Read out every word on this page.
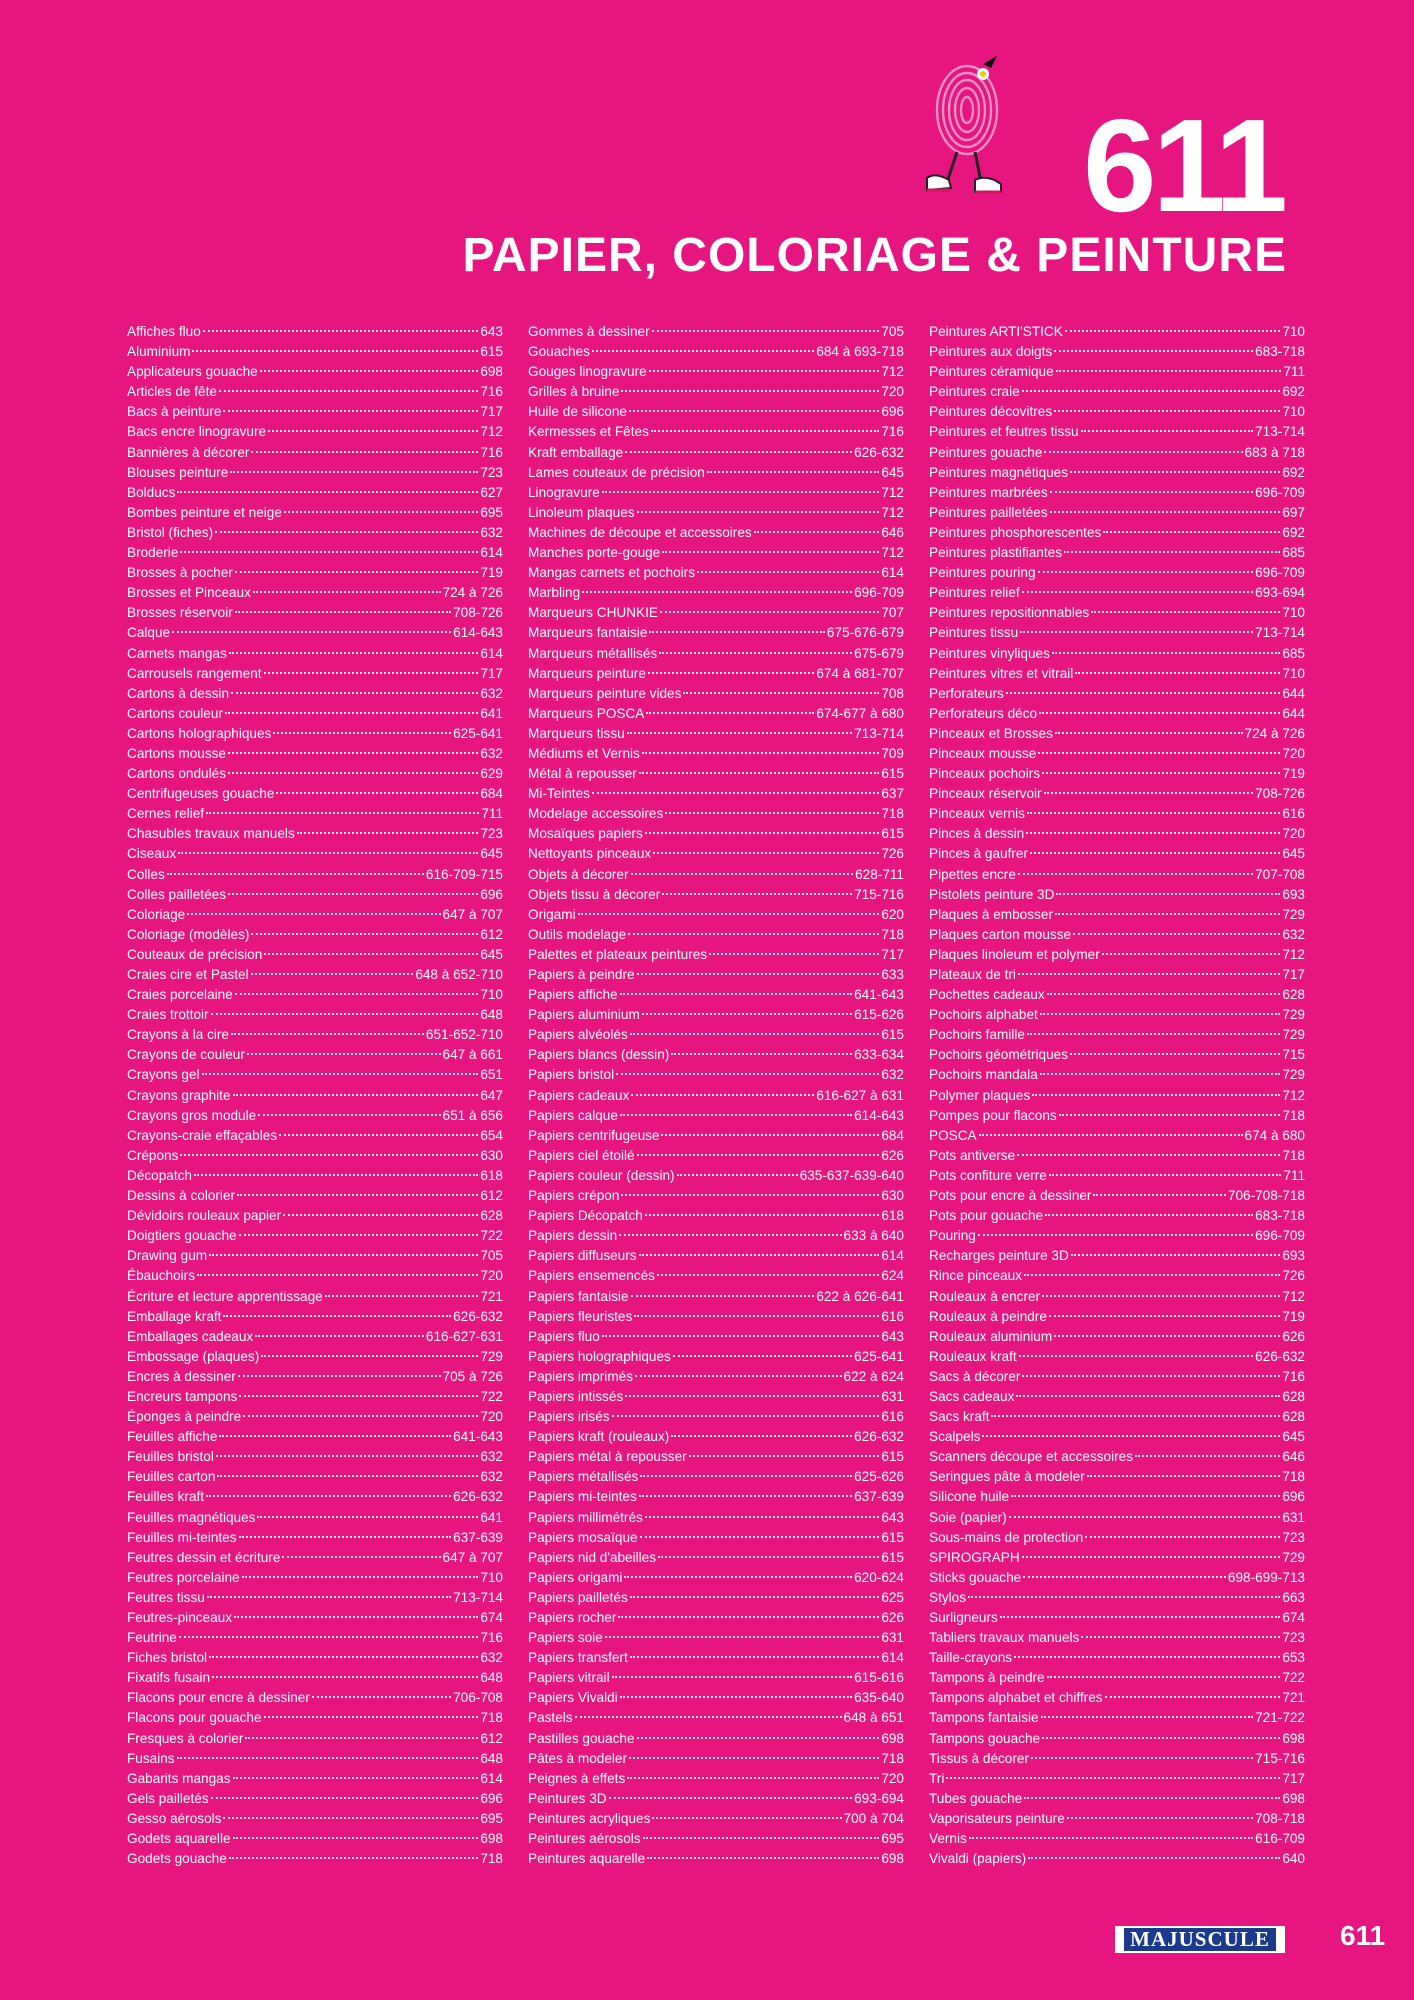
611
PAPIER, COLORIAGE & PEINTURE
Affiches fluo	643
Aluminium	615
Applicateurs gouache	698
Articles de fête	716
Bacs à peinture	717
Bacs encre linogravure	712
Bannières à décorer	716
Blouses peinture	723
Bolducs	627
Bombes peinture et neige	695
Bristol (fiches)	632
Broderie	614
Brosses à pocher	719
Brosses et Pinceaux	724 à 726
Brosses réservoir	708-726
Calque	614-643
Carnets mangas	614
Carrousels rangement	717
Cartons à dessin	632
Cartons couleur	641
Cartons holographiques	625-641
Cartons mousse	632
Cartons ondulés	629
Centrifugeuses gouache	684
Cernes relief	711
Chasubles travaux manuels	723
Ciseaux	645
Colles	616-709-715
Colles pailletées	696
Coloriage	647 à 707
Coloriage (modèles)	612
Couteaux de précision	645
Craies cire et Pastel	648 à 652-710
Craies porcelaine	710
Craies trottoir	648
Crayons à la cire	651-652-710
Crayons de couleur	647 à 661
Crayons gel	651
Crayons graphite	647
Crayons gros module	651 à 656
Crayons-craie effaçables	654
Crépons	630
Décopatch	618
Dessins à colorier	612
Dévidoirs rouleaux papier	628
Doigtiers gouache	722
Drawing gum	705
Ébauchoirs	720
Écriture et lecture apprentissage	721
Emballage kraft	626-632
Emballages cadeaux	616-627-631
Embossage (plaques)	729
Encres à dessiner	705 à 726
Encreurs tampons	722
Éponges à peindre	720
Feuilles affiche	641-643
Feuilles bristol	632
Feuilles carton	632
Feuilles kraft	626-632
Feuilles magnétiques	641
Feuilles mi-teintes	637-639
Feutres dessin et écriture	647 à 707
Feutres porcelaine	710
Feutres tissu	713-714
Feutres-pinceaux	674
Feutrine	716
Fiches bristol	632
Fixatifs fusain	648
Flacons pour encre à dessiner	706-708
Flacons pour gouache	718
Fresques à colorier	612
Fusains	648
Gabarits mangas	614
Gels pailletés	696
Gesso aérosols	695
Godets aquarelle	698
Godets gouache	718
Gommes à dessiner	705
Gouaches	684 à 693-718
Gouges linogravure	712
Grilles à bruine	720
Huile de silicone	696
Kermesses et Fêtes	716
Kraft emballage	626-632
Lames couteaux de précision	645
Linogravure	712
Linoleum plaques	712
Machines de découpe et accessoires	646
Manches porte-gouge	712
Mangas carnets et pochoirs	614
Marbling	696-709
Marqueurs CHUNKIE	707
Marqueurs fantaisie	675-676-679
Marqueurs métallisés	675-679
Marqueurs peinture	674 à 681-707
Marqueurs peinture vides	708
Marqueurs POSCA	674-677 à 680
Marqueurs tissu	713-714
Médiums et Vernis	709
Métal à repousser	615
Mi-Teintes	637
Modelage accessoires	718
Mosaïques papiers	615
Nettoyants pinceaux	726
Objets à décorer	628-711
Objets tissu à décorer	715-716
Origami	620
Outils modelage	718
Palettes et plateaux peintures	717
Papiers à peindre	633
Papiers affiche	641-643
Papiers aluminium	615-626
Papiers alvéolés	615
Papiers blancs (dessin)	633-634
Papiers bristol	632
Papiers cadeaux	616-627 à 631
Papiers calque	614-643
Papiers centrifugeuse	684
Papiers ciel étoilé	626
Papiers couleur (dessin)	635-637-639-640
Papiers crépon	630
Papiers Décopatch	618
Papiers dessin	633 à 640
Papiers diffuseurs	614
Papiers ensemencés	624
Papiers fantaisie	622 à 626-641
Papiers fleuristes	616
Papiers fluo	643
Papiers holographiques	625-641
Papiers imprimés	622 à 624
Papiers intissés	631
Papiers irisés	616
Papiers kraft (rouleaux)	626-632
Papiers métal à repousser	615
Papiers métallisés	625-626
Papiers mi-teintes	637-639
Papiers millimétrés	643
Papiers mosaïque	615
Papiers nid d'abeilles	615
Papiers origami	620-624
Papiers pailletés	625
Papiers rocher	626
Papiers soie	631
Papiers transfert	614
Papiers vitrail	615-616
Papiers Vivaldi	635-640
Pastels	648 à 651
Pastilles gouache	698
Pâtes à modeler	718
Peignes à effets	720
Peintures 3D	693-694
Peintures acryliques	700 à 704
Peintures aérosols	695
Peintures aquarelle	698
Peintures ARTI'STICK	710
Peintures aux doigts	683-718
Peintures céramique	711
Peintures craie	692
Peintures décovitres	710
Peintures et feutres tissu	713-714
Peintures gouache	683 à 718
Peintures magnétiques	692
Peintures marbrées	696-709
Peintures pailletées	697
Peintures phosphorescentes	692
Peintures plastifiantes	685
Peintures pouring	696-709
Peintures relief	693-694
Peintures repositionnables	710
Peintures tissu	713-714
Peintures vinyliques	685
Peintures vitres et vitrail	710
Perforateurs	644
Perforateurs déco	644
Pinceaux et Brosses	724 à 726
Pinceaux mousse	720
Pinceaux pochoirs	719
Pinceaux réservoir	708-726
Pinceaux vernis	616
Pinces à dessin	720
Pinces à gaufrer	645
Pipettes encre	707-708
Pistolets peinture 3D	693
Plaques à embosser	729
Plaques carton mousse	632
Plaques linoleum et polymer	712
Plateaux de tri	717
Pochettes cadeaux	628
Pochoirs alphabet	729
Pochoirs famille	729
Pochoirs géométriques	715
Pochoirs mandala	729
Polymer plaques	712
Pompes pour flacons	718
POSCA	674 à 680
Pots antiverse	718
Pots confiture verre	711
Pots pour encre à dessiner	706-708-718
Pots pour gouache	683-718
Pouring	696-709
Recharges peinture 3D	693
Rince pinceaux	726
Rouleaux à encrer	712
Rouleaux à peindre	719
Rouleaux aluminium	626
Rouleaux kraft	626-632
Sacs à décorer	716
Sacs cadeaux	628
Sacs kraft	628
Scalpels	645
Scanners découpe et accessoires	646
Seringues pâte à modeler	718
Silicone huile	696
Soie (papier)	631
Sous-mains de protection	723
SPIROGRAPH	729
Sticks gouache	698-699-713
Stylos	663
Surligneurs	674
Tabliers travaux manuels	723
Taille-crayons	653
Tampons à peindre	722
Tampons alphabet et chiffres	721
Tampons fantaisie	721-722
Tampons gouache	698
Tissus à décorer	715-716
Tri	717
Tubes gouache	698
Vaporisateurs peinture	708-718
Vernis	616-709
Vivaldi (papiers)	640
MAJUSCULE	611
